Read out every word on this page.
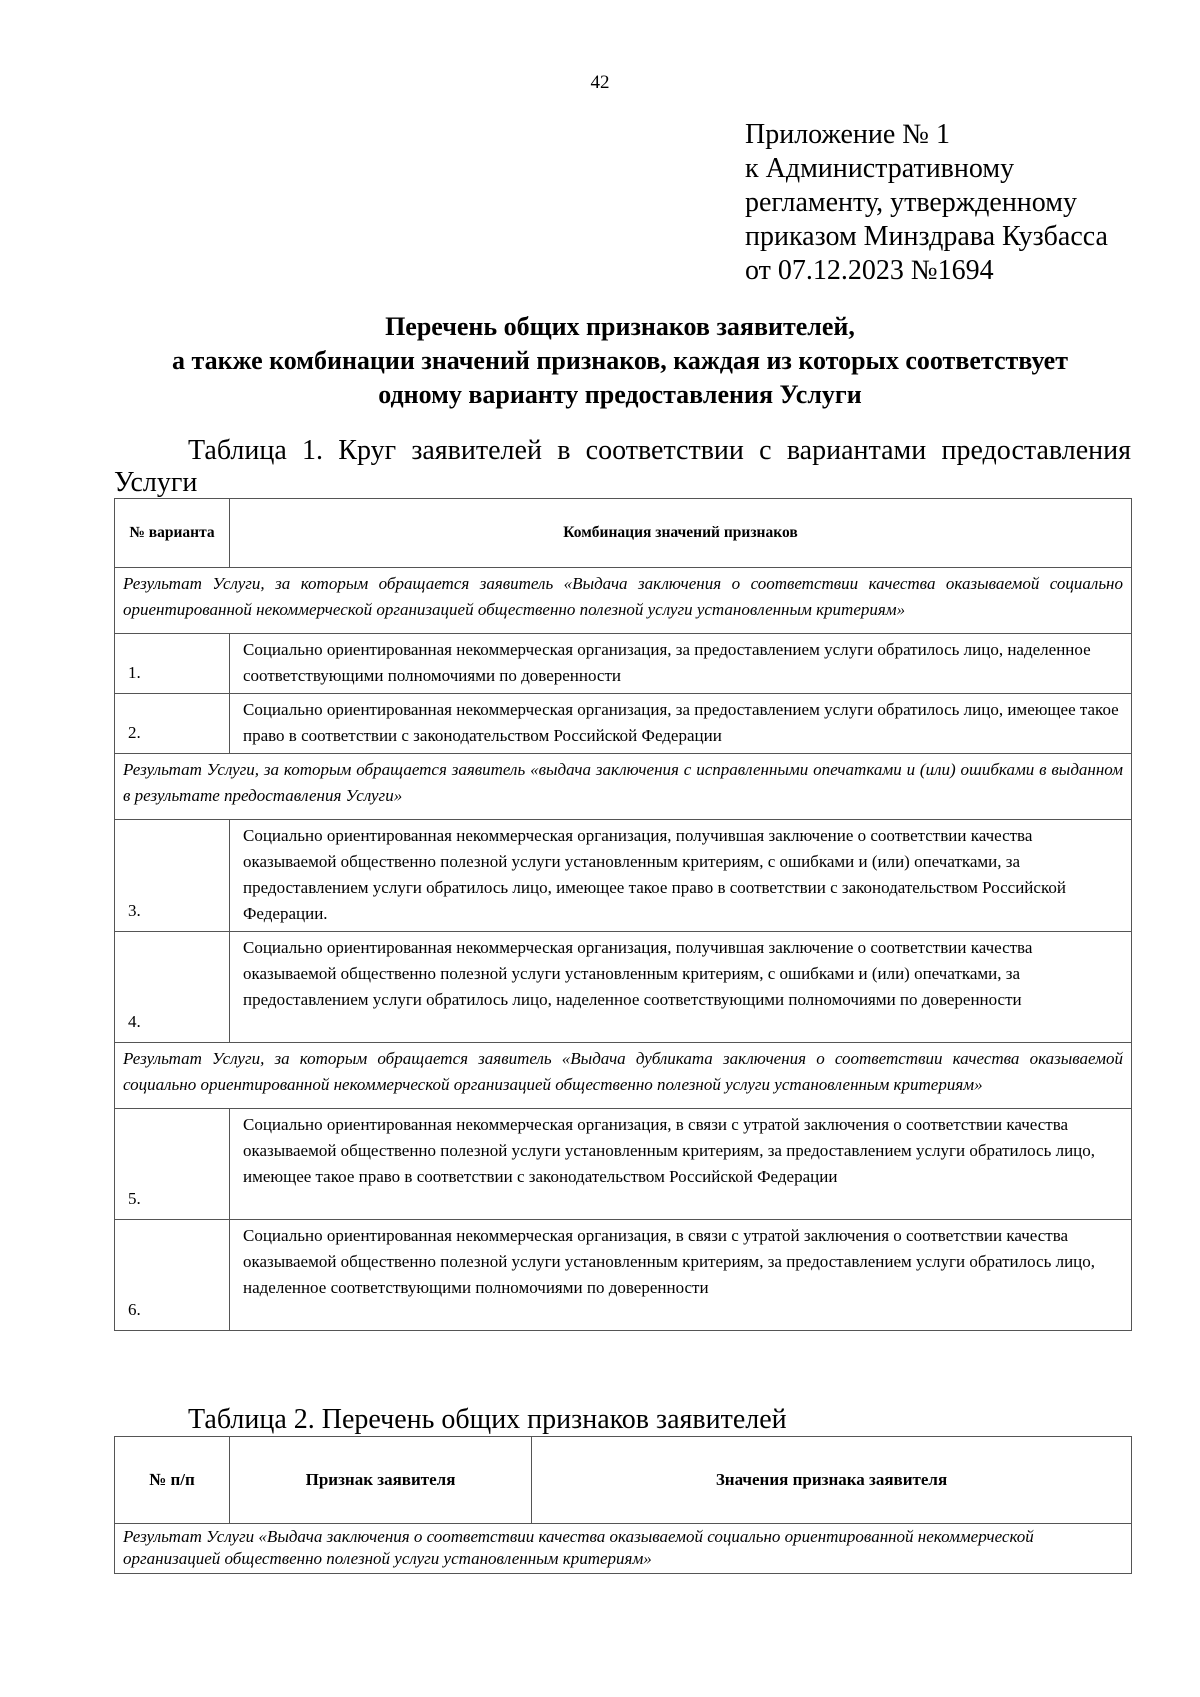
42
Приложение № 1
к Административному
регламенту, утвержденному
приказом Минздрава Кузбасса
от 07.12.2023 №1694
Перечень общих признаков заявителей,
а также комбинации значений признаков, каждая из которых соответствует
одному варианту предоставления Услуги
Таблица 1. Круг заявителей в соответствии с вариантами предоставления Услуги
№ варианта	Комбинация значений признаков
Результат Услуги, за которым обращается заявитель «Выдача заключения о соответствии качества оказываемой социально ориентированной некоммерческой организацией общественно полезной услуги установленным критериям»	
1.	Социально ориентированная некоммерческая организация, за предоставлением услуги обратилось лицо, наделенное соответствующими полномочиями по доверенности
2.	Социально ориентированная некоммерческая организация, за предоставлением услуги обратилось лицо, имеющее такое право в соответствии с законодательством Российской Федерации
Результат Услуги, за которым обращается заявитель «выдача заключения с исправленными опечатками и (или) ошибками в выданном в результате предоставления Услуги»	
3.	Социально ориентированная некоммерческая организация, получившая заключение о соответствии качества оказываемой общественно полезной услуги установленным критериям, с ошибками и (или) опечатками, за предоставлением услуги обратилось лицо, имеющее такое право в соответствии с законодательством Российской Федерации.
4.	Социально ориентированная некоммерческая организация, получившая заключение о соответствии качества оказываемой общественно полезной услуги установленным критериям, с ошибками и (или) опечатками, за предоставлением услуги обратилось лицо, наделенное соответствующими полномочиями по доверенности
Результат Услуги, за которым обращается заявитель «Выдача дубликата заключения о соответствии качества оказываемой социально ориентированной некоммерческой организацией общественно полезной услуги установленным критериям»	
5.	Социально ориентированная некоммерческая организация, в связи с утратой заключения о соответствии качества оказываемой общественно полезной услуги установленным критериям, за предоставлением услуги обратилось лицо, имеющее такое право в соответствии с законодательством Российской Федерации
6.	Социально ориентированная некоммерческая организация, в связи с утратой заключения о соответствии качества оказываемой общественно полезной услуги установленным критериям, за предоставлением услуги обратилось лицо, наделенное соответствующими полномочиями по доверенности
Таблица 2. Перечень общих признаков заявителей
№ п/п	Признак заявителя	Значения признака заявителя
Результат Услуги «Выдача заключения о соответствии качества оказываемой социально ориентированной некоммерческой организацией общественно полезной услуги установленным критериям»
